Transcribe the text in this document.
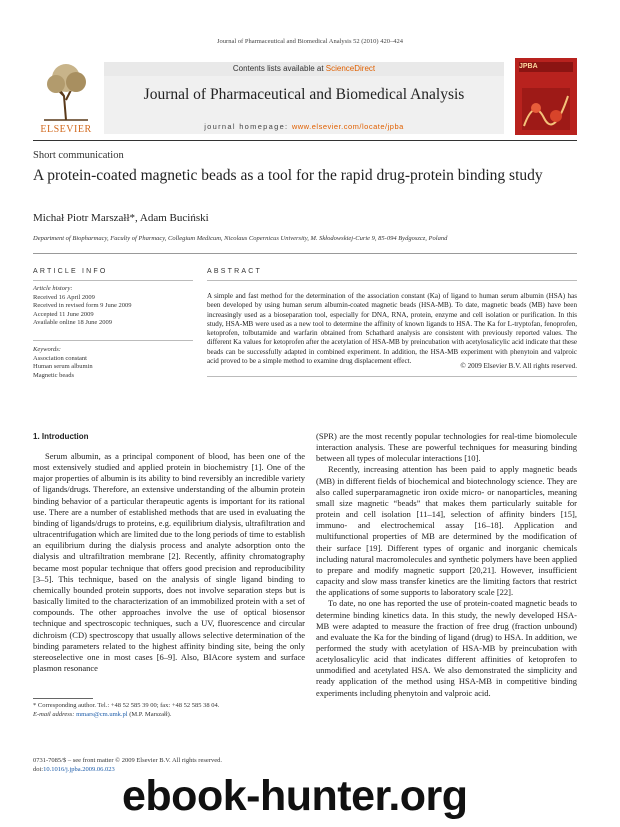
Journal of Pharmaceutical and Biomedical Analysis 52 (2010) 420–424
ELSEVIER
Contents lists available at ScienceDirect
Journal of Pharmaceutical and Biomedical Analysis
journal homepage: www.elsevier.com/locate/jpba
JPBA
Short communication
A protein-coated magnetic beads as a tool for the rapid drug-protein binding study
Michał Piotr Marszałł*, Adam Buciński
Department of Biopharmacy, Faculty of Pharmacy, Collegium Medicum, Nicolaus Copernicus University, M. Skłodowskiej-Curie 9, 85-094 Bydgoszcz, Poland
ARTICLE INFO
Article history:
Received 16 April 2009
Received in revised form 9 June 2009
Accepted 11 June 2009
Available online 18 June 2009
Keywords:
Association constant
Human serum albumin
Magnetic beads
ABSTRACT
A simple and fast method for the determination of the association constant (Ka) of ligand to human serum albumin (HSA) has been developed by using human serum albumin-coated magnetic beads (HSA-MB). To date, magnetic beads (MB) have been increasingly used as a bioseparation tool, especially for DNA, RNA, protein, enzyme and cell isolation or purification. In this study, HSA-MB were used as a new tool to determine the affinity of known ligands to HSA. The Ka for L-tryptofan, fenoprofen, ketoprofen, tolbutamide and warfarin obtained from Schathard analysis are consistent with previously reported values. The different Ka values for ketoprofen after the acetylation of HSA-MB by preincubation with acetylosalicylic acid indicate that these beads can be successfully adapted in combined experiment. In addition, the HSA-MB experiment with phenytoin and valproic acid proved to be a simple method to examine drug displacement effect.
© 2009 Elsevier B.V. All rights reserved.
1. Introduction

Serum albumin, as a principal component of blood, has been one of the most extensively studied and applied protein in biochemistry [1]. One of the major properties of albumin is its ability to bind reversibly an incredible variety of ligands/drugs. Therefore, an extensive understanding of the albumin protein binding behavior of a particular therapeutic agents is important for its rational use. There are a number of established methods that are used in evaluating the binding of ligands/drugs to proteins, e.g. equilibrium dialysis, ultrafiltration and ultracentrifugation which are limited due to the long periods of time to establish an equilibrium during the dialysis process and analyte adsorption onto the dialysis and ultrafiltration membrane [2]. Recently, affinity chromatography became most popular technique that offers good precision and reproducibility [3–5]. This technique, based on the analysis of single ligand binding to chemically bounded protein supports, does not involve separation steps but is basically limited to the characterization of an immobilized protein with a set of compounds. The other approaches involve the use of optical biosensor technique and spectroscopic techniques, such a UV, fluorescence and circular dichroism (CD) spectroscopy that usually allows selective determination of the binding parameters related to the highest affinity binding site, being the only stereoselective one in most cases [6–9]. Also, BIAcore system and surface plasmon resonance

(SPR) are the most recently popular technologies for real-time biomolecule interaction analysis. These are powerful techniques for measuring binding between all types of molecular interactions [10].

Recently, increasing attention has been paid to apply magnetic beads (MB) in different fields of biochemical and biotechnology science. They are also called superparamagnetic iron oxide micro- or nanoparticles, meaning small size magnetic “beads” that makes them particularly suitable for protein and cell isolation [11–14], selection of affinity binders [15], immuno- and electrochemical assay [16–18]. Application and multifunctional properties of MB are determined by the modification of their surface [19]. Different types of organic and inorganic chemicals including natural macromolecules and synthetic polymers have been applied to prepare and modify magnetic support [20,21]. However, insufficient capacity and slow mass transfer kinetics are the limiting factors that restrict the applications of some supports to laboratory scale [22].

To date, no one has reported the use of protein-coated magnetic beads to determine binding kinetics data. In this study, the newly developed HSA-MB were adapted to measure the fraction of free drug (fraction unbound) and evaluate the Ka for the binding of ligand (drug) to HSA. In addition, we performed the study with acetylation of HSA-MB by preincubation with acetylosalicylic acid that indicates different affinities of ketoprofen to unmodified and acetylated HSA. We also demonstrated the simplicity and ready application of the method using HSA-MB in competitive binding experiments including phenytoin and valproic acid.

* Corresponding author. Tel.: +48 52 585 39 00; fax: +48 52 585 38 04.
E-mail address: mmars@cm.umk.pl (M.P. Marszałł).
0731-7085/$ – see front matter © 2009 Elsevier B.V. All rights reserved.
doi:10.1016/j.jpba.2009.06.023
ebook-hunter.org
